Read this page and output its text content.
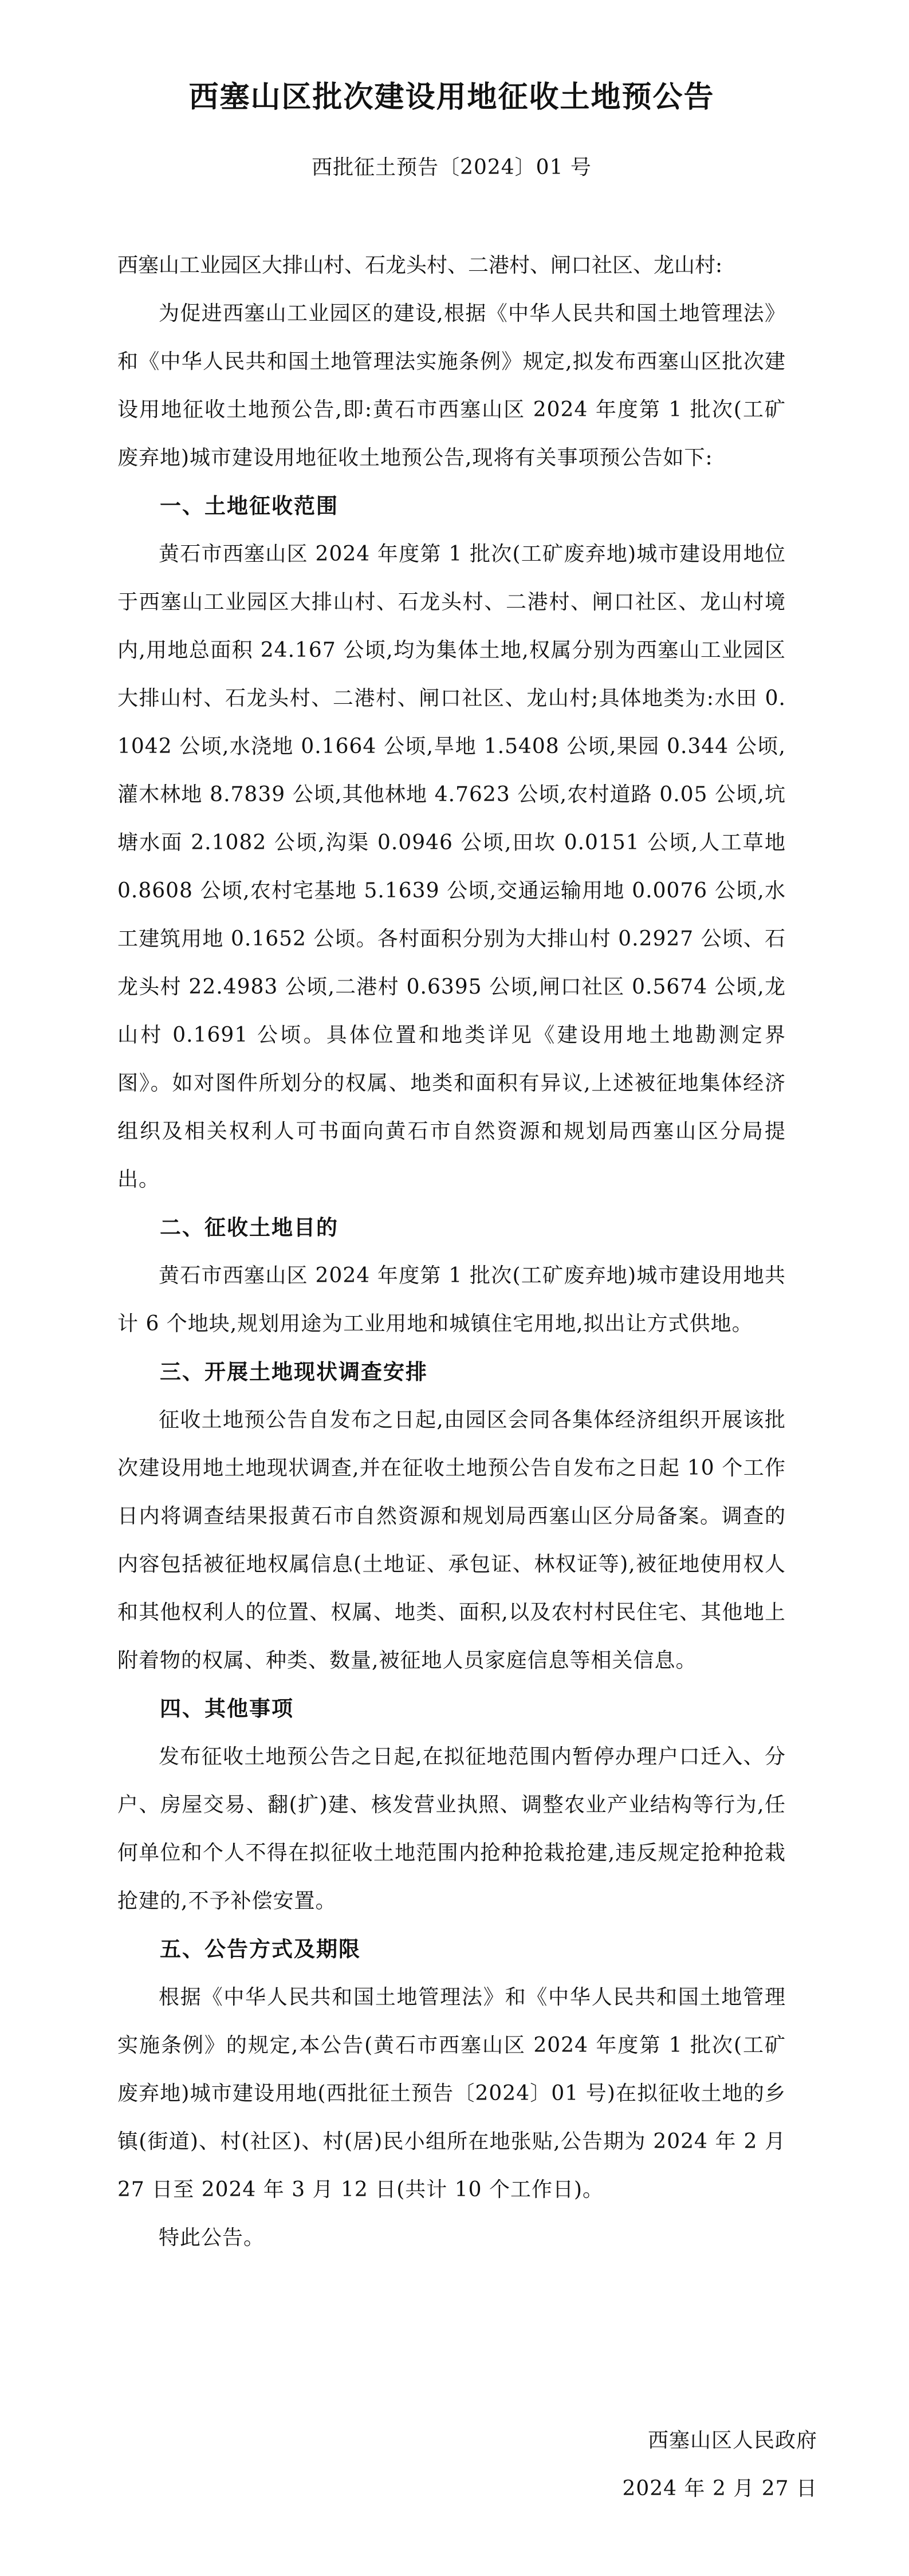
西塞山区批次建设用地征收土地预公告
西批征土预告〔2024〕01 号

西塞山工业园区大排山村、石龙头村、二港村、闸口社区、龙山村:

为促进西塞山工业园区的建设,根据《中华人民共和国土地管理法》和《中华人民共和国土地管理法实施条例》规定,拟发布西塞山区批次建设用地征收土地预公告,即:黄石市西塞山区 2024 年度第 1 批次(工矿废弃地)城市建设用地征收土地预公告,现将有关事项预公告如下:

一、土地征收范围

黄石市西塞山区 2024 年度第 1 批次(工矿废弃地)城市建设用地位于西塞山工业园区大排山村、石龙头村、二港村、闸口社区、龙山村境内,用地总面积 24.167 公顷,均为集体土地,权属分别为西塞山工业园区大排山村、石龙头村、二港村、闸口社区、龙山村;具体地类为:水田 0.1042 公顷,水浇地 0.1664 公顷,旱地 1.5408 公顷,果园 0.344 公顷,灌木林地 8.7839 公顷,其他林地 4.7623 公顷,农村道路 0.05 公顷,坑塘水面 2.1082 公顷,沟渠 0.0946 公顷,田坎 0.0151 公顷,人工草地 0.8608 公顷,农村宅基地 5.1639 公顷,交通运输用地 0.0076 公顷,水工建筑用地 0.1652 公顷。各村面积分别为大排山村 0.2927 公顷、石龙头村 22.4983 公顷,二港村 0.6395 公顷,闸口社区 0.5674 公顷,龙山村 0.1691 公顷。具体位置和地类详见《建设用地土地勘测定界图》。如对图件所划分的权属、地类和面积有异议,上述被征地集体经济组织及相关权利人可书面向黄石市自然资源和规划局西塞山区分局提出。

二、征收土地目的

黄石市西塞山区 2024 年度第 1 批次(工矿废弃地)城市建设用地共计 6 个地块,规划用途为工业用地和城镇住宅用地,拟出让方式供地。

三、开展土地现状调查安排

征收土地预公告自发布之日起,由园区会同各集体经济组织开展该批次建设用地土地现状调查,并在征收土地预公告自发布之日起 10 个工作日内将调查结果报黄石市自然资源和规划局西塞山区分局备案。调查的内容包括被征地权属信息(土地证、承包证、林权证等),被征地使用权人和其他权利人的位置、权属、地类、面积,以及农村村民住宅、其他地上附着物的权属、种类、数量,被征地人员家庭信息等相关信息。

四、其他事项

发布征收土地预公告之日起,在拟征地范围内暂停办理户口迁入、分户、房屋交易、翻(扩)建、核发营业执照、调整农业产业结构等行为,任何单位和个人不得在拟征收土地范围内抢种抢栽抢建,违反规定抢种抢栽抢建的,不予补偿安置。

五、公告方式及期限

根据《中华人民共和国土地管理法》和《中华人民共和国土地管理实施条例》的规定,本公告(黄石市西塞山区 2024 年度第 1 批次(工矿废弃地)城市建设用地(西批征土预告〔2024〕01 号)在拟征收土地的乡镇(街道)、村(社区)、村(居)民小组所在地张贴,公告期为 2024 年 2 月 27 日至 2024 年 3 月 12 日(共计 10 个工作日)。

特此公告。

西塞山区人民政府
2024 年 2 月 27 日
